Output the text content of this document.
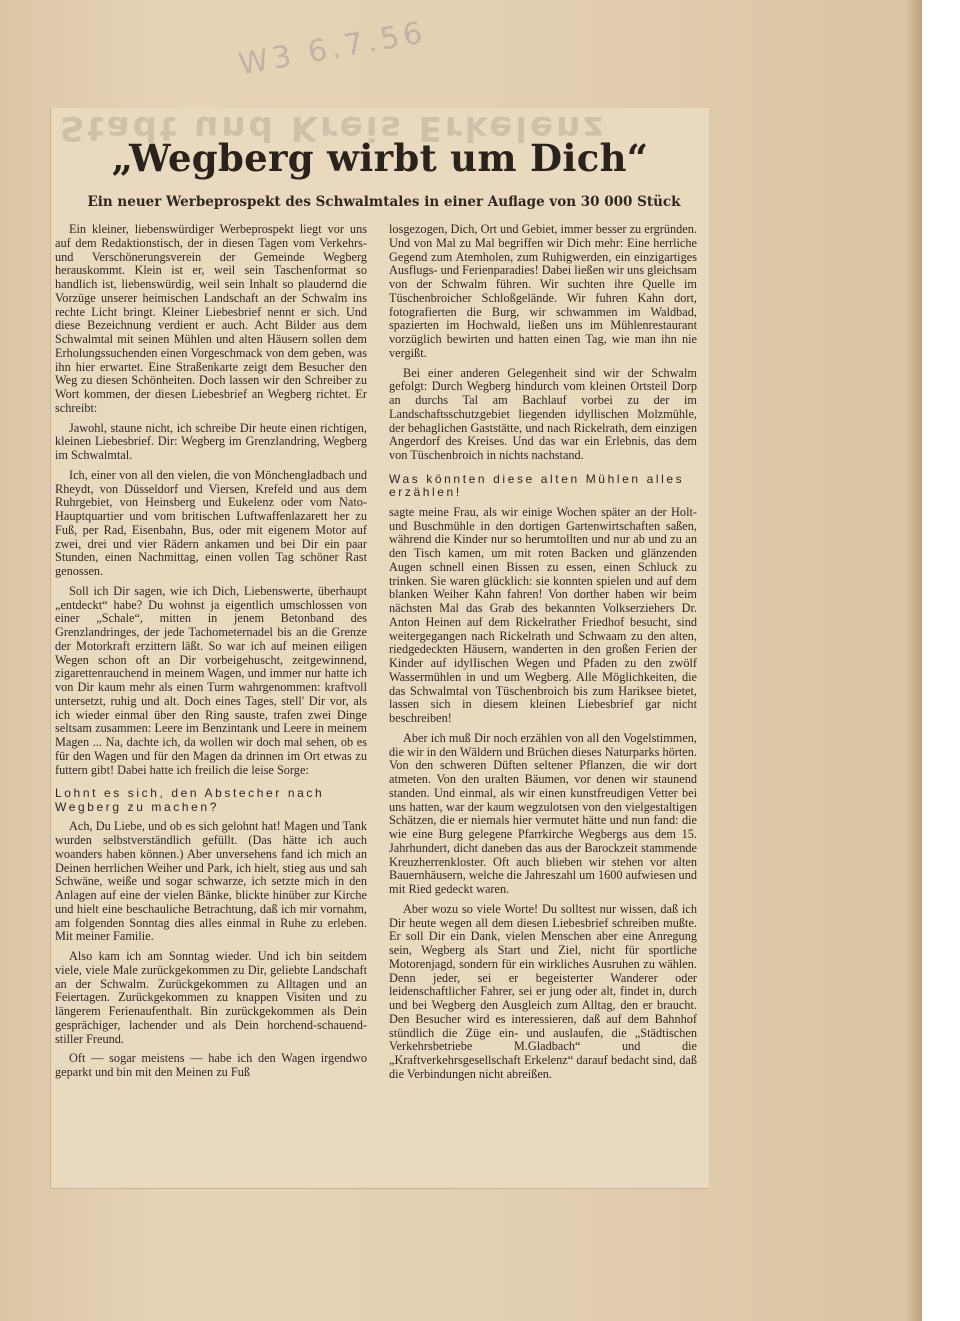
W3 6.7.56
Stadt und Kreis Erkelenz
„Wegberg wirbt um Dich“
Ein neuer Werbeprospekt des Schwalmtales in einer Auflage von 30 000 Stück

Ein kleiner, liebenswürdiger Werbeprospekt liegt vor uns auf dem Redaktionstisch, der in diesen Tagen vom Verkehrs- und Verschönerungsverein der Gemeinde Wegberg herauskommt. Klein ist er, weil sein Taschenformat so handlich ist, liebenswürdig, weil sein Inhalt so plaudernd die Vorzüge unserer heimischen Landschaft an der Schwalm ins rechte Licht bringt. Kleiner Liebesbrief nennt er sich. Und diese Bezeichnung verdient er auch. Acht Bilder aus dem Schwalmtal mit seinen Mühlen und alten Häusern sollen dem Erholungssuchenden einen Vorgeschmack von dem geben, was ihn hier erwartet. Eine Straßenkarte zeigt dem Besucher den Weg zu diesen Schönheiten. Doch lassen wir den Schreiber zu Wort kommen, der diesen Liebesbrief an Wegberg richtet. Er schreibt:

Jawohl, staune nicht, ich schreibe Dir heute einen richtigen, kleinen Liebesbrief. Dir: Wegberg im Grenzlandring, Wegberg im Schwalmtal.

Ich, einer von all den vielen, die von Mönchengladbach und Rheydt, von Düsseldorf und Viersen, Krefeld und aus dem Ruhrgebiet, von Heinsberg und Eukelenz oder vom Nato-Hauptquartier und vom britischen Luftwaffenlazarett her zu Fuß, per Rad, Eisenbahn, Bus, oder mit eigenem Motor auf zwei, drei und vier Rädern ankamen und bei Dir ein paar Stunden, einen Nachmittag, einen vollen Tag schöner Rast genossen.

Soll ich Dir sagen, wie ich Dich, Liebenswerte, überhaupt „entdeckt“ habe? Du wohnst ja eigentlich umschlossen von einer „Schale“, mitten in jenem Betonband des Grenzlandringes, der jede Tachometernadel bis an die Grenze der Motorkraft erzittern läßt. So war ich auf meinen eiligen Wegen schon oft an Dir vorbeigehuscht, zeitgewinnend, zigarettenrauchend in meinem Wagen, und immer nur hatte ich von Dir kaum mehr als einen Turm wahrgenommen: kraftvoll untersetzt, ruhig und alt. Doch eines Tages, stell' Dir vor, als ich wieder einmal über den Ring sauste, trafen zwei Dinge seltsam zusammen: Leere im Benzintank und Leere in meinem Magen ... Na, dachte ich, da wollen wir doch mal sehen, ob es für den Wagen und für den Magen da drinnen im Ort etwas zu futtern gibt! Dabei hatte ich freilich die leise Sorge:

Lohnt es sich, den Abstecher nach Wegberg zu machen?

Ach, Du Liebe, und ob es sich gelohnt hat! Magen und Tank wurden selbstverständlich gefüllt. (Das hätte ich auch woanders haben können.) Aber unversehens fand ich mich an Deinen herrlichen Weiher und Park, ich hielt, stieg aus und sah Schwäne, weiße und sogar schwarze, ich setzte mich in den Anlagen auf eine der vielen Bänke, blickte hinüber zur Kirche und hielt eine beschauliche Betrachtung, daß ich mir vornahm, am folgenden Sonntag dies alles einmal in Ruhe zu erleben. Mit meiner Familie.

Also kam ich am Sonntag wieder. Und ich bin seitdem viele, viele Male zurückgekommen zu Dir, geliebte Landschaft an der Schwalm. Zurückgekommen zu Alltagen und an Feiertagen. Zurückgekommen zu knappen Visiten und zu längerem Ferienaufenthalt. Bin zurückgekommen als Dein gesprächiger, lachender und als Dein horchend-schauend-stiller Freund.

Oft — sogar meistens — habe ich den Wagen irgendwo geparkt und bin mit den Meinen zu Fuß

losgezogen, Dich, Ort und Gebiet, immer besser zu ergründen. Und von Mal zu Mal begriffen wir Dich mehr: Eine herrliche Gegend zum Atemholen, zum Ruhigwerden, ein einzigartiges Ausflugs- und Ferienparadies! Dabei ließen wir uns gleichsam von der Schwalm führen. Wir suchten ihre Quelle im Tüschenbroicher Schloßgelände. Wir fuhren Kahn dort, fotografierten die Burg, wir schwammen im Waldbad, spazierten im Hochwald, ließen uns im Mühlenrestaurant vorzüglich bewirten und hatten einen Tag, wie man ihn nie vergißt.

Bei einer anderen Gelegenheit sind wir der Schwalm gefolgt: Durch Wegberg hindurch vom kleinen Ortsteil Dorp an durchs Tal am Bachlauf vorbei zu der im Landschaftsschutzgebiet liegenden idyllischen Molzmühle, der behaglichen Gaststätte, und nach Rickelrath, dem einzigen Angerdorf des Kreises. Und das war ein Erlebnis, das dem von Tüschenbroich in nichts nachstand.

Was könnten diese alten Mühlen alles erzählen!

sagte meine Frau, als wir einige Wochen später an der Holt- und Buschmühle in den dortigen Gartenwirtschaften saßen, während die Kinder nur so herumtollten und nur ab und zu an den Tisch kamen, um mit roten Backen und glänzenden Augen schnell einen Bissen zu essen, einen Schluck zu trinken. Sie waren glücklich: sie konnten spielen und auf dem blanken Weiher Kahn fahren! Von dorther haben wir beim nächsten Mal das Grab des bekannten Volkserziehers Dr. Anton Heinen auf dem Rickelrather Friedhof besucht, sind weitergegangen nach Rickelrath und Schwaam zu den alten, riedgedeckten Häusern, wanderten in den großen Ferien der Kinder auf idylIischen Wegen und Pfaden zu den zwölf Wassermühlen in und um Wegberg. Alle Möglichkeiten, die das Schwalmtal von Tüschenbroich bis zum Hariksee bietet, lassen sich in diesem kleinen Liebesbrief gar nicht beschreiben!

Aber ich muß Dir noch erzählen von all den Vogelstimmen, die wir in den Wäldern und Brüchen dieses Naturparks hörten. Von den schweren Düften seltener Pflanzen, die wir dort atmeten. Von den uralten Bäumen, vor denen wir staunend standen. Und einmal, als wir einen kunstfreudigen Vetter bei uns hatten, war der kaum wegzulotsen von den vielgestaltigen Schätzen, die er niemals hier vermutet hätte und nun fand: die wie eine Burg gelegene Pfarrkirche Wegbergs aus dem 15. Jahrhundert, dicht daneben das aus der Barockzeit stammende Kreuzherrenkloster. Oft auch blieben wir stehen vor alten Bauernhäusern, welche die Jahreszahl um 1600 aufwiesen und mit Ried gedeckt waren.

Aber wozu so viele Worte! Du solltest nur wissen, daß ich Dir heute wegen all dem diesen Liebesbrief schreiben mußte. Er soll Dir ein Dank, vielen Menschen aber eine Anregung sein, Wegberg als Start und Ziel, nicht für sportliche Motorenjagd, sondern für ein wirkliches Ausruhen zu wählen. Denn jeder, sei er begeisterter Wanderer oder leidenschaftlicher Fahrer, sei er jung oder alt, findet in, durch und bei Wegberg den Ausgleich zum Alltag, den er braucht. Den Besucher wird es interessieren, daß auf dem Bahnhof stündlich die Züge ein- und auslaufen, die „Städtischen Verkehrsbetriebe M.Gladbach“ und die „Kraftverkehrsgesellschaft Erkelenz“ darauf bedacht sind, daß die Verbindungen nicht abreißen.
